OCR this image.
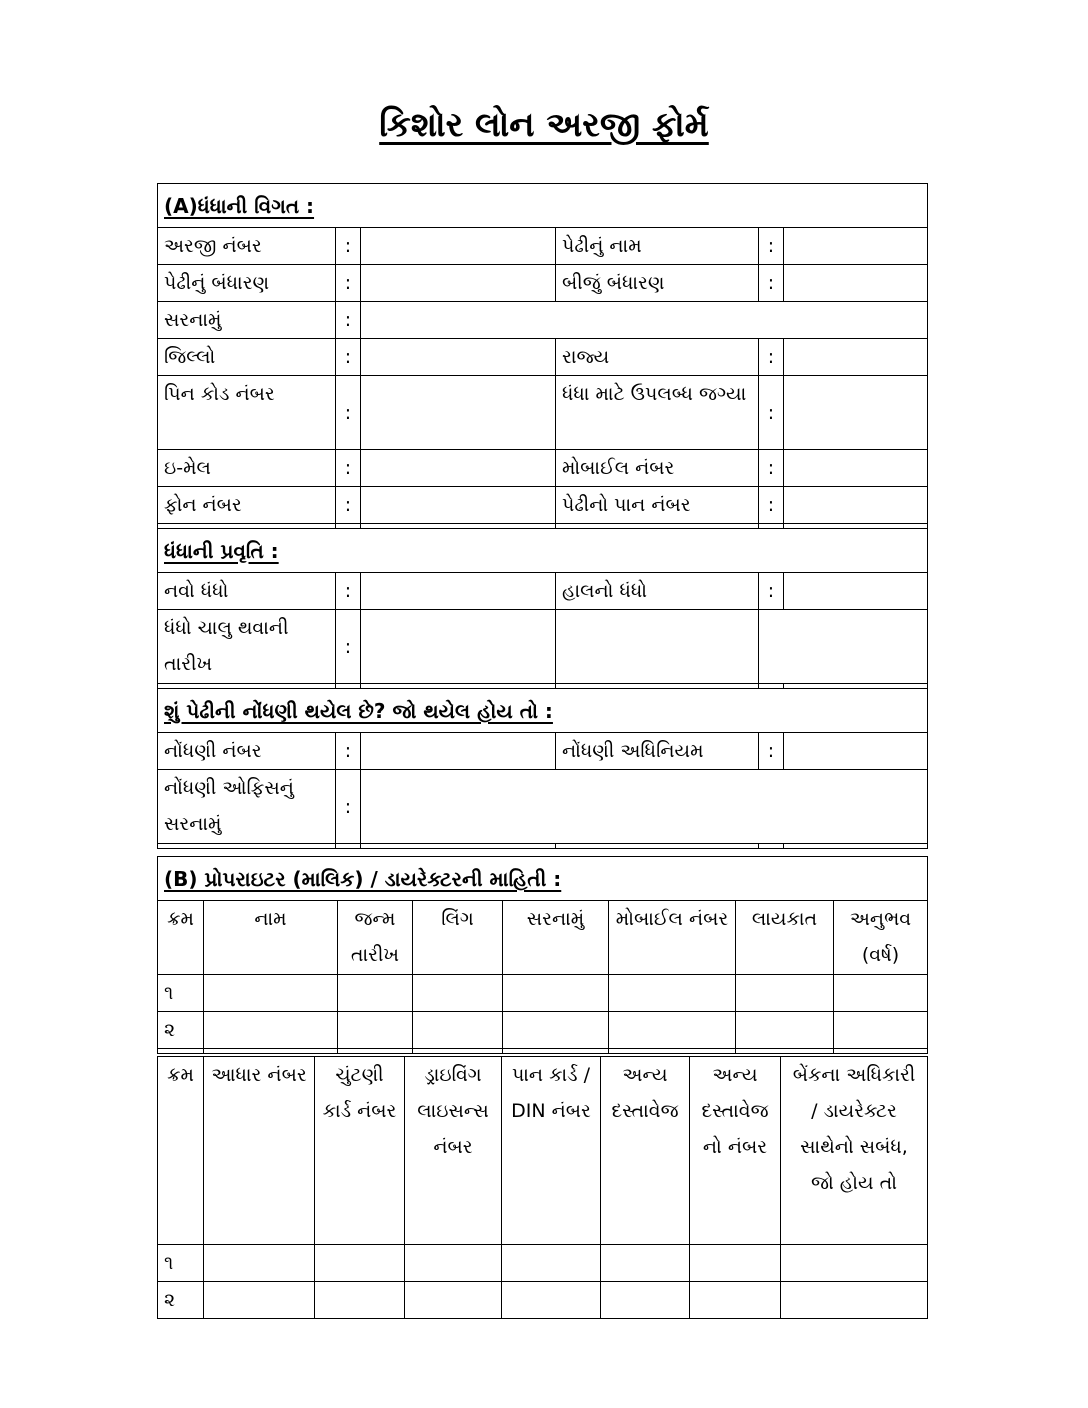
કિશોર લોન અરજી ફોર્મ
(A)ધંધાની વિગત :					
અરજી નંબર	:		પેઢીનું નામ	:	
પેઢીનું બંધારણ	:		બીજું બંધારણ	:	
સરનામું	:				
જિલ્લો	:		રાજ્ય	:	
પિન કોડ નંબર	:		ધંધા માટે ઉપલબ્ધ જગ્યા	:	
ઇ-મેલ	:		મોબાઈલ નંબર	:	
ફોન નંબર	:		પેઢીનો પાન નંબર	:	

ધંધાની પ્રવૃતિ :					
નવો ધંધો	:		હાલનો ધંધો	:	
ધંધો ચાલુ થવાની તારીખ	:				

શું પેઢીની નોંધણી થયેલ છે? જો થયેલ હોય તો :					
નોંધણી નંબર	:		નોંધણી અધિનિયમ	:	
નોંધણી ઓફિસનું સરનામું	:				

(B) પ્રોપરાઇટર (માલિક) / ડાયરેક્ટરની માહિતી :							
ક્રમ	નામ	જન્મ તારીખ	લિંગ	સરનામું	મોબાઈલ નંબર	લાયકાત	અનુભવ (વર્ષ)
૧							
૨							

ક્રમ	આધાર નંબર	ચુંટણી કાર્ડ નંબર	ડ્રાઇવિંગ લાઇસન્સ નંબર	પાન કાર્ડ / DIN નંબર	અન્ય દસ્તાવેજ	અન્ય દસ્તાવેજ નો નંબર	બેંકના અધિકારી / ડાયરેક્ટર સાથેનો સબંધ, જો હોય તો
૧							
૨							
